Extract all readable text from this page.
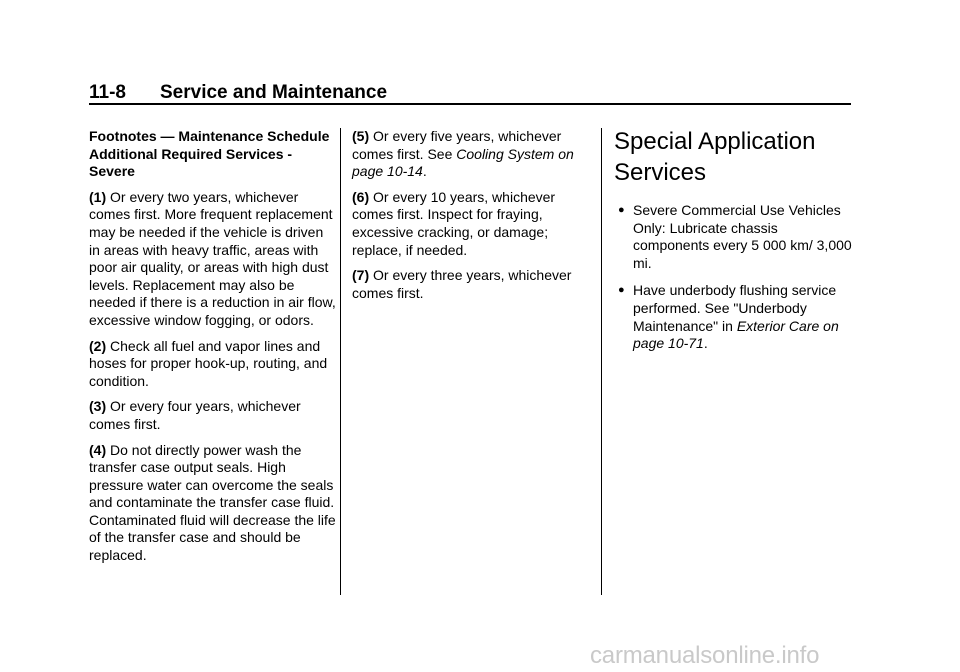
11-8 Service and Maintenance

Footnotes — Maintenance Schedule Additional Required Services - Severe

(1) Or every two years, whichever comes first. More frequent replacement may be needed if the vehicle is driven in areas with heavy traffic, areas with poor air quality, or areas with high dust levels. Replacement may also be needed if there is a reduction in air flow, excessive window fogging, or odors.

(2) Check all fuel and vapor lines and hoses for proper hook-up, routing, and condition.

(3) Or every four years, whichever comes first.

(4) Do not directly power wash the transfer case output seals. High pressure water can overcome the seals and contaminate the transfer case fluid. Contaminated fluid will decrease the life of the transfer case and should be replaced.

(5) Or every five years, whichever comes first. See Cooling System on page 10-14.

(6) Or every 10 years, whichever comes first. Inspect for fraying, excessive cracking, or damage; replace, if needed.

(7) Or every three years, whichever comes first.

Special Application Services
● Severe Commercial Use Vehicles Only: Lubricate chassis components every 5 000 km/ 3,000 mi.
● Have underbody flushing service performed. See "Underbody Maintenance" in Exterior Care on page 10-71.
carmanualsonline.info
